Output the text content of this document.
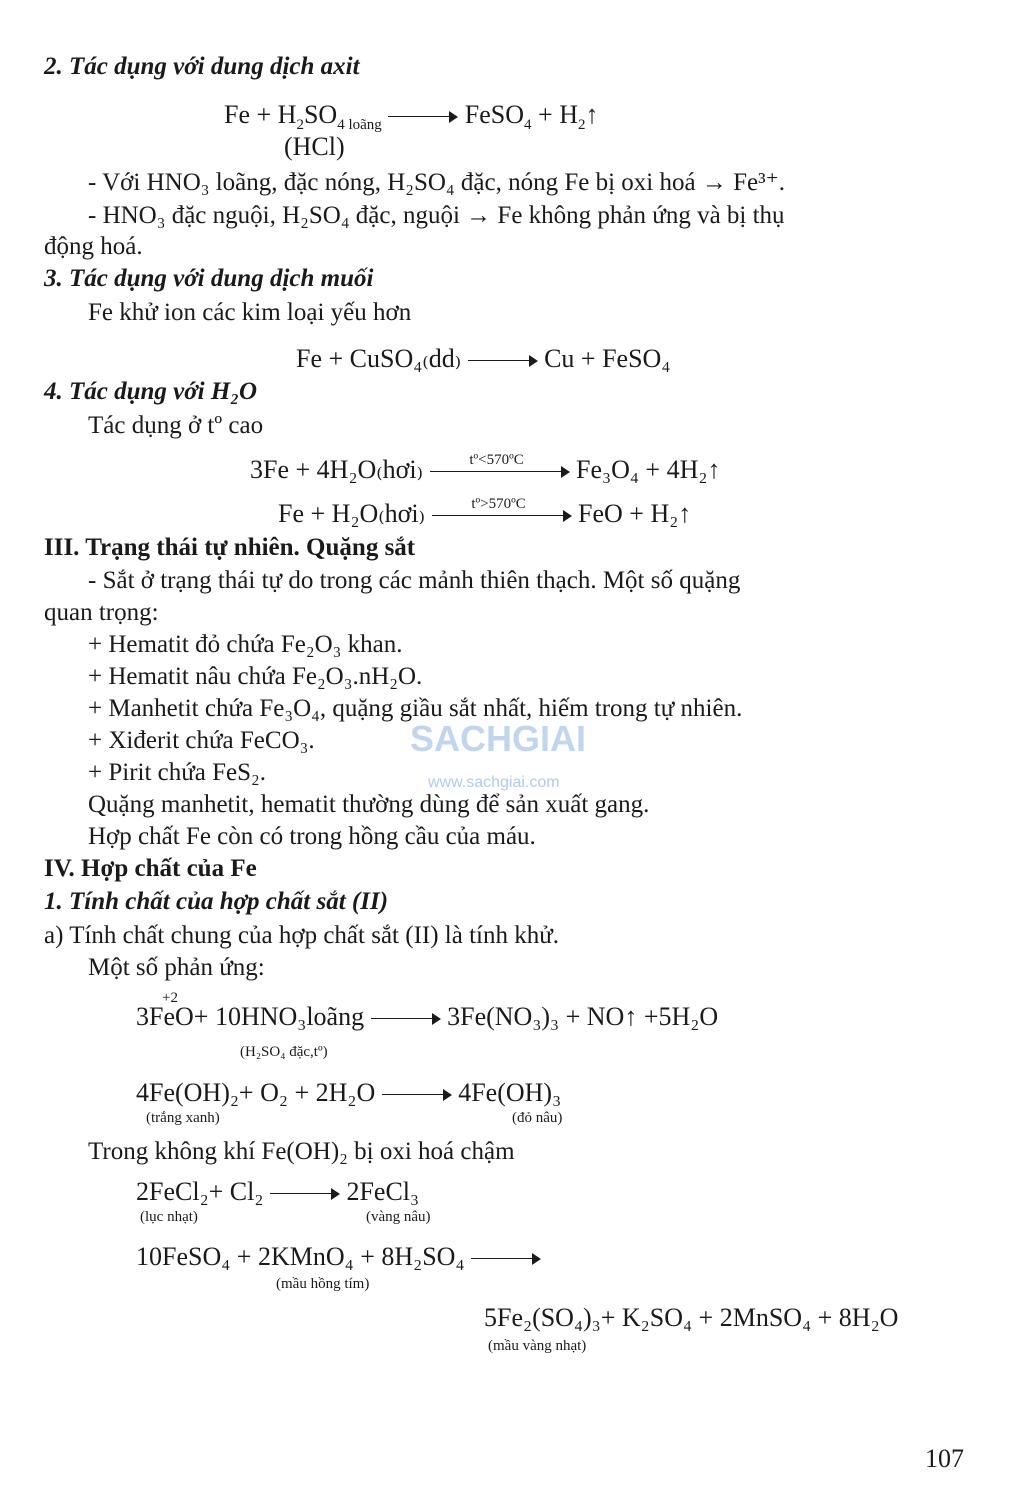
2. Tác dụng với dung dịch axit
$Fe + H_2SO_{4 loãng}$	FeSO$_4$ + $H_2↑$
(HCl)
- Với HNO₃ loãng, đặc nóng, H₂SO₄ đặc, nóng Fe bị oxi hoá → Fe³⁺.
- HNO₃ đặc nguội, H₂SO₄ đặc, nguội → Fe không phản ứng và bị thụ
động hoá.
3. Tác dụng với dung dịch muối
Fe khử ion các kim loại yếu hơn
Fe + CuSO₄₍dd₎	Cu + FeSO₄
4. Tác dụng với H₂O
Tác dụng ở tº cao
3Fe + 4H₂O₍hơi₎	tº<570ºC	Fe₃O₄ + 4H₂↑
Fe + H₂O₍hơi₎	tº>570ºC	FeO + H₂↑
III. Trạng thái tự nhiên. Quặng sắt
- Sắt ở trạng thái tự do trong các mảnh thiên thạch. Một số quặng
quan trọng:
+ Hematit đỏ chứa Fe₂O₃ khan.
+ Hematit nâu chứa Fe₂O₃.nH₂O.
+ Manhetit chứa Fe₃O₄, quặng giầu sắt nhất, hiếm trong tự nhiên.
+ Xiđerit chứa FeCO₃.
+ Pirit chứa FeS₂.
SACHGIAI
www.sachgiai.com
Quặng manhetit, hematit thường dùng để sản xuất gang.
Hợp chất Fe còn có trong hồng cầu của máu.
IV. Hợp chất của Fe
1. Tính chất của hợp chất sắt (II)
a) Tính chất chung của hợp chất sắt (II) là tính khử.
Một số phản ứng:
+2
3FeO+ 10HNO₃loãng	3Fe(NO₃)₃ + NO↑ +5H₂O
(H₂SO₄ đặc,tº)
4Fe(OH)₂+ O₂ + 2H₂O	4Fe(OH)₃
(trắng xanh)	(đỏ nâu)
Trong không khí Fe(OH)₂ bị oxi hoá chậm
2FeCl₂+ Cl₂	2FeCl₃
(lục nhạt)	(vàng nâu)
10FeSO₄ + 2KMnO₄ + 8H₂SO₄
(mầu hồng tím)
5Fe₂(SO₄)₃+ K₂SO₄ + 2MnSO₄ + 8H₂O
(mầu vàng nhạt)
107
